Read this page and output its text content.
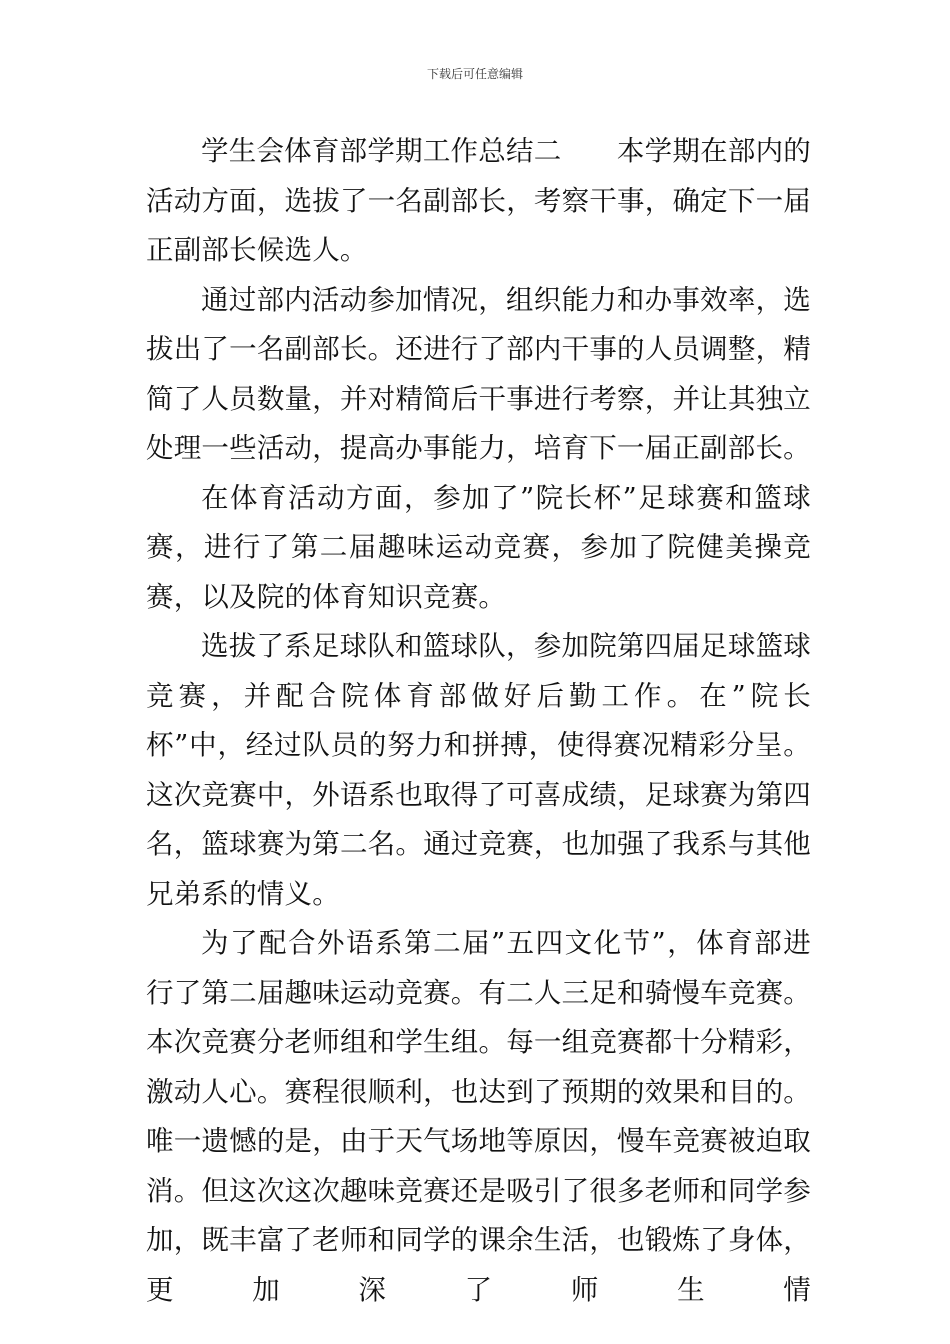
下载后可任意编辑

学生会体育部学期工作总结二　　本学期在部内的活动方面，选拔了一名副部长，考察干事，确定下一届正副部长候选人。

通过部内活动参加情况，组织能力和办事效率，选拔出了一名副部长。还进行了部内干事的人员调整，精简了人员数量，并对精简后干事进行考察，并让其独立处理一些活动，提高办事能力，培育下一届正副部长。

在体育活动方面，参加了”院长杯”足球赛和篮球赛，进行了第二届趣味运动竞赛，参加了院健美操竞赛，以及院的体育知识竞赛。

选拔了系足球队和篮球队，参加院第四届足球篮球竞赛，并配合院体育部做好后勤工作。在”院长杯”中，经过队员的努力和拼搏，使得赛况精彩分呈。这次竞赛中，外语系也取得了可喜成绩，足球赛为第四名，篮球赛为第二名。通过竞赛，也加强了我系与其他兄弟系的情义。

为了配合外语系第二届”五四文化节”，体育部进行了第二届趣味运动竞赛。有二人三足和骑慢车竞赛。本次竞赛分老师组和学生组。每一组竞赛都十分精彩，激动人心。赛程很顺利，也达到了预期的效果和目的。唯一遗憾的是，由于天气场地等原因，慢车竞赛被迫取消。但这次这次趣味竞赛还是吸引了很多老师和同学参加，既丰富了老师和同学的课余生活，也锻炼了身体，更加深了师生情
